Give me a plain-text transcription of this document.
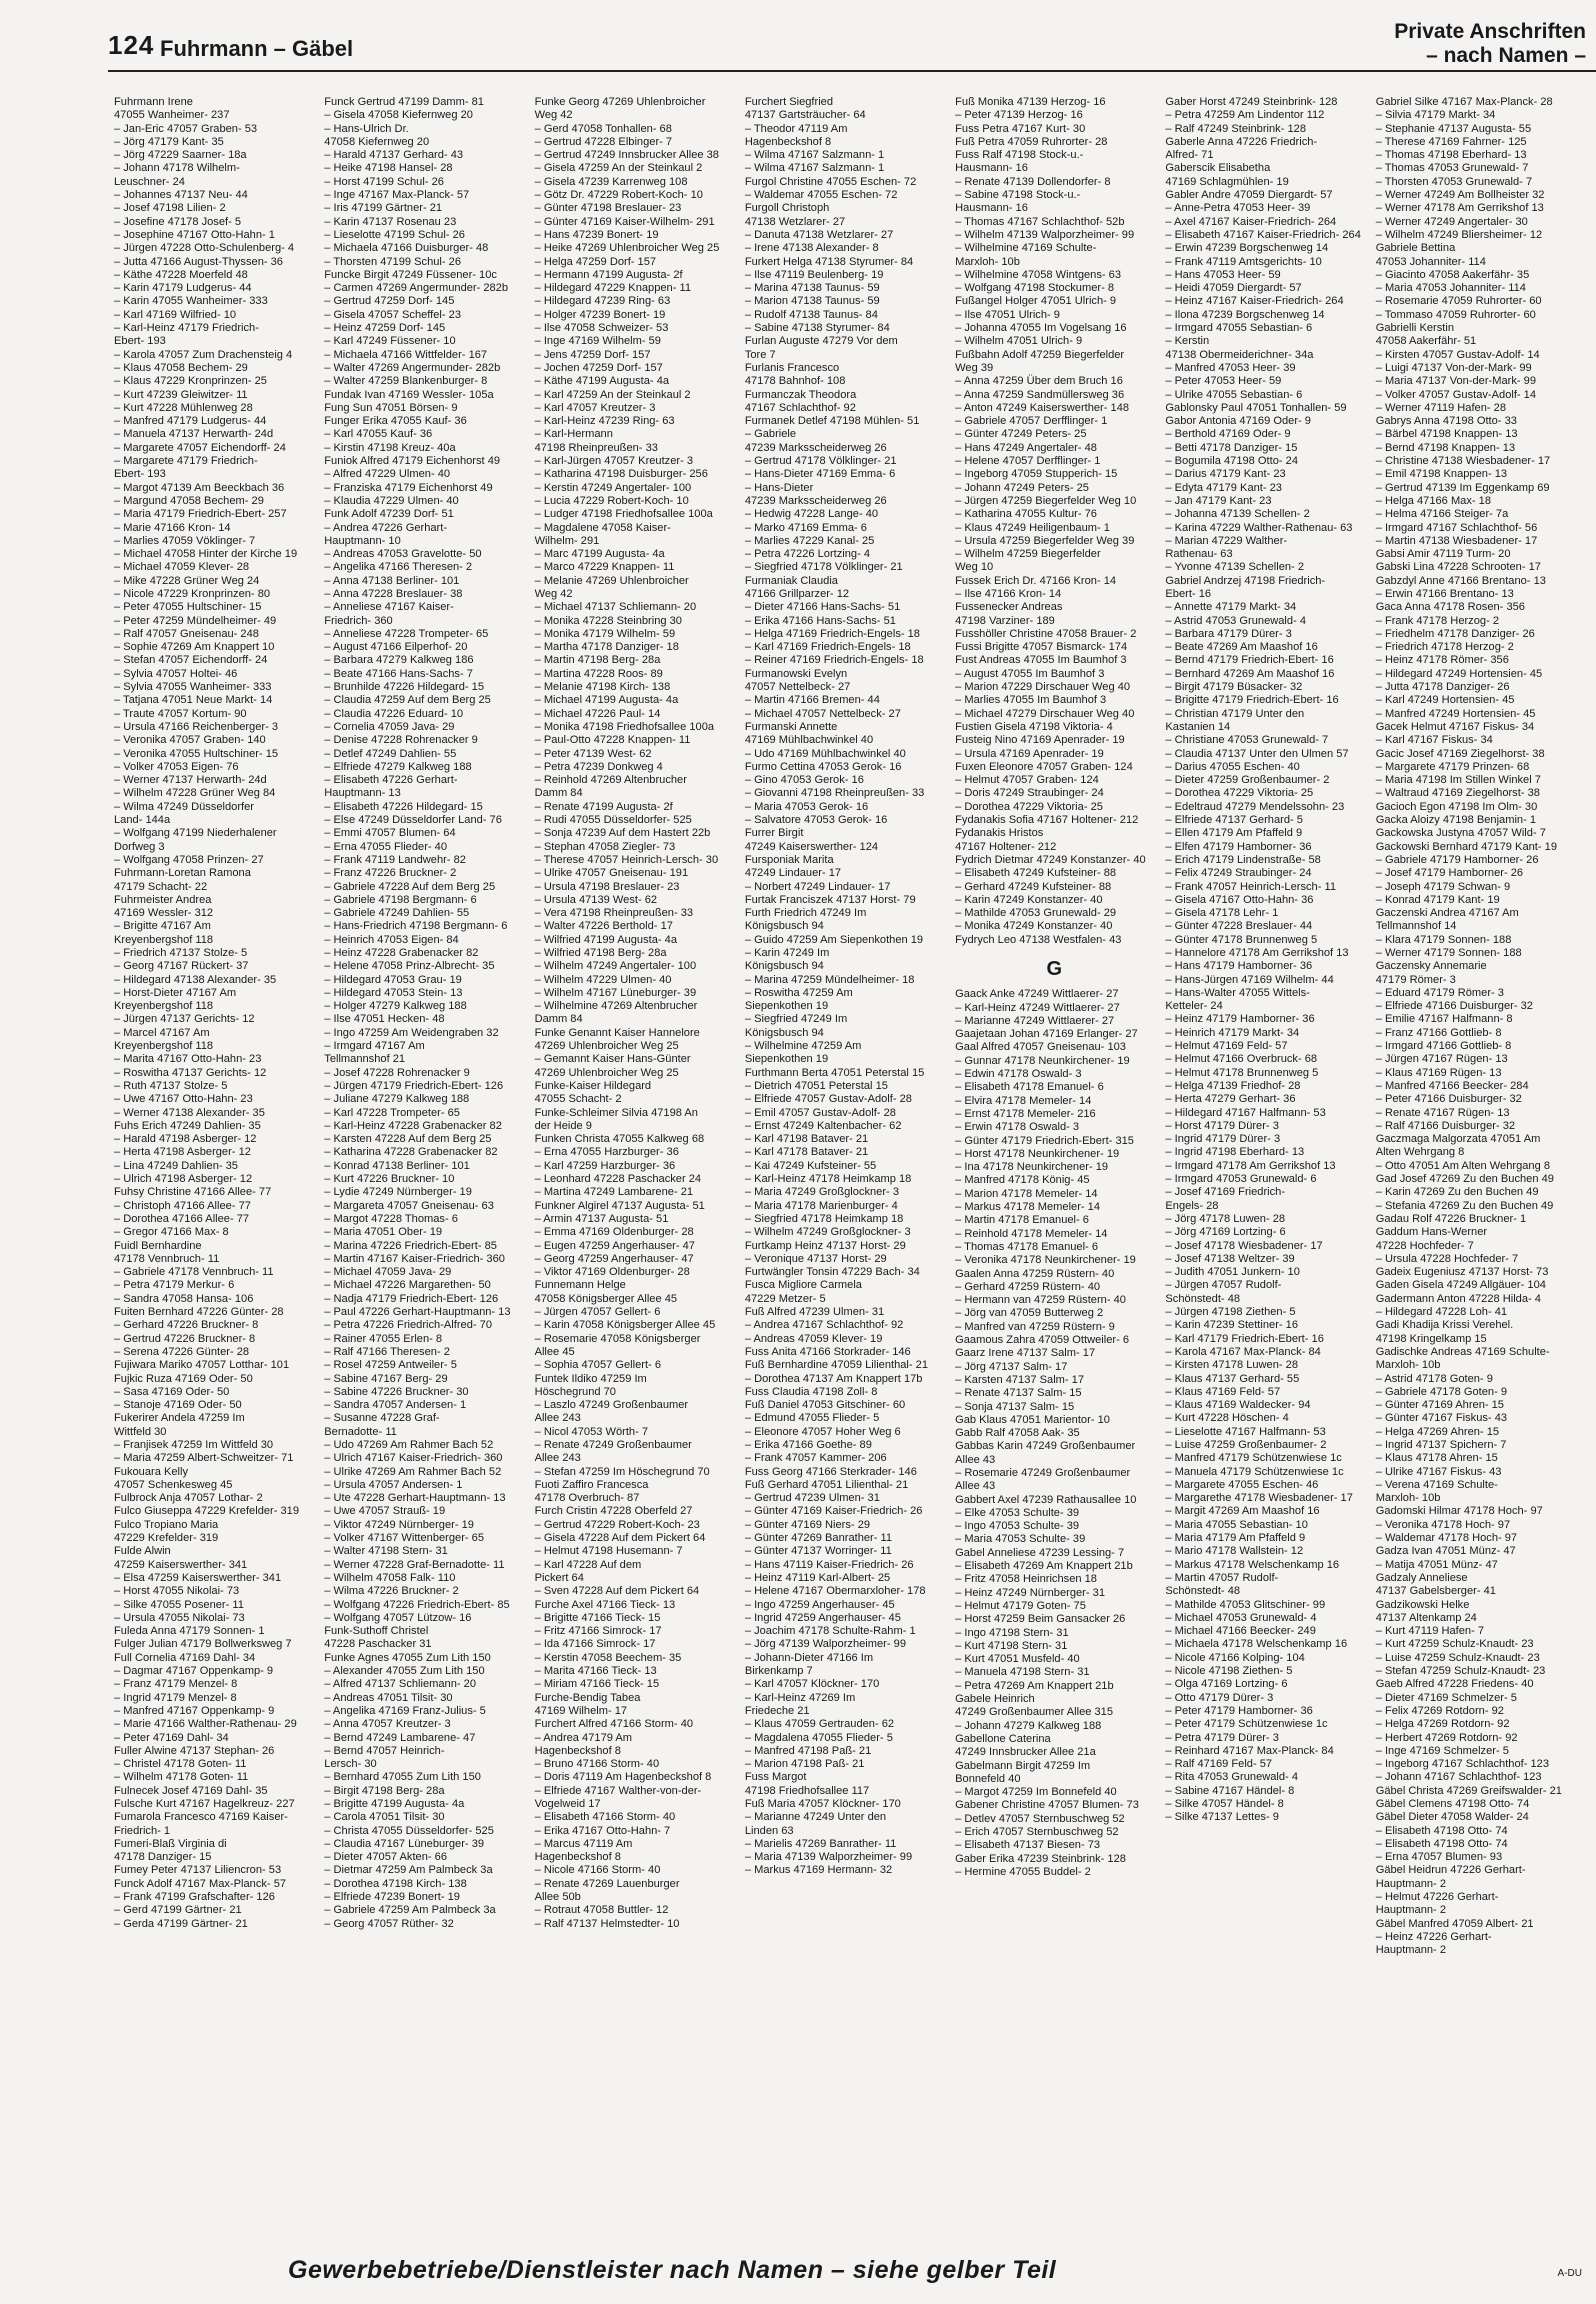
124 Fuhrmann – Gäbel
Private Anschriften
– nach Namen –
Fuhrmann Irene
47055 Wanheimer- 237
– Jan-Eric 47057 Graben- 53
– Jörg 47179 Kant- 35
– Jörg 47229 Saarner- 18a
– Johann 47178 Wilhelm-
Leuschner- 24
– Johannes 47137 Neu- 44
– Josef 47198 Lilien- 2
– Josefine 47178 Josef- 5
– Josephine 47167 Otto-Hahn- 1
– Jürgen 47228 Otto-Schulenberg- 4
– Jutta 47166 August-Thyssen- 36
– Käthe 47228 Moerfeld 48
– Karin 47179 Ludgerus- 44
– Karin 47055 Wanheimer- 333
– Karl 47169 Wilfried- 10
– Karl-Heinz 47179 Friedrich-
Ebert- 193
– Karola 47057 Zum Drachensteig 4
– Klaus 47058 Bechem- 29
– Klaus 47229 Kronprinzen- 25
– Kurt 47239 Gleiwitzer- 11
– Kurt 47228 Mühlenweg 28
– Manfred 47179 Ludgerus- 44
– Manuela 47137 Herwarth- 24d
– Margarete 47057 Eichendorff- 24
– Margarete 47179 Friedrich-
Ebert- 193
– Margot 47139 Am Beeckbach 36
– Margund 47058 Bechem- 29
– Maria 47179 Friedrich-Ebert- 257
– Marie 47166 Kron- 14
– Marlies 47059 Vöklinger- 7
– Michael 47058 Hinter der Kirche 19
– Michael 47059 Klever- 28
– Mike 47228 Grüner Weg 24
– Nicole 47229 Kronprinzen- 80
– Peter 47055 Hultschiner- 15
– Peter 47259 Mündelheimer- 49
– Ralf 47057 Gneisenau- 248
– Sophie 47269 Am Knappert 10
– Stefan 47057 Eichendorff- 24
– Sylvia 47057 Holtei- 46
– Sylvia 47055 Wanheimer- 333
– Tatjana 47051 Neue Markt- 14
– Traute 47057 Kortum- 90
– Ursula 47166 Reichenberger- 3
– Veronika 47057 Graben- 140
– Veronika 47055 Hultschiner- 15
– Volker 47053 Eigen- 76
– Werner 47137 Herwarth- 24d
– Wilhelm 47228 Grüner Weg 84
– Wilma 47249 Düsseldorfer
Land- 144a
– Wolfgang 47199 Niederhalener
Dorfweg 3
– Wolfgang 47058 Prinzen- 27
Fuhrmann-Loretan Ramona
47179 Schacht- 22
Fuhrmeister Andrea
47169 Wessler- 312
– Brigitte 47167 Am
Kreyenbergshof 118
– Friedrich 47137 Stolze- 5
– Georg 47167 Rückert- 37
– Hildegard 47138 Alexander- 35
– Horst-Dieter 47167 Am
Kreyenbergshof 118
– Jürgen 47137 Gerichts- 12
– Marcel 47167 Am
Kreyenbergshof 118
– Marita 47167 Otto-Hahn- 23
– Roswitha 47137 Gerichts- 12
– Ruth 47137 Stolze- 5
– Uwe 47167 Otto-Hahn- 23
– Werner 47138 Alexander- 35
Fuhs Erich 47249 Dahlien- 35
– Harald 47198 Asberger- 12
– Herta 47198 Asberger- 12
– Lina 47249 Dahlien- 35
– Ulrich 47198 Asberger- 12
Fuhsy Christine 47166 Allee- 77
– Christoph 47166 Allee- 77
– Dorothea 47166 Allee- 77
– Gregor 47166 Max- 8
Fuidl Bernhardine
47178 Vennbruch- 11
– Gabriele 47178 Vennbruch- 11
– Petra 47179 Merkur- 6
– Sandra 47058 Hansa- 106
Fuiten Bernhard 47226 Günter- 28
– Gerhard 47226 Bruckner- 8
– Gertrud 47226 Bruckner- 8
– Serena 47226 Günter- 28
Fujiwara Mariko 47057 Lotthar- 101
Fujkic Ruza 47169 Oder- 50
– Sasa 47169 Oder- 50
– Stanoje 47169 Oder- 50
Fukerirer Andela 47259 Im
Wittfeld 30
– Franjisek 47259 Im Wittfeld 30
– Maria 47259 Albert-Schweitzer- 71
Fukouara Kelly
47057 Schenkesweg 45
Fulbrock Anja 47057 Lothar- 2
Fulco Giuseppa 47229 Krefelder- 319
Fulco Tropiano Maria
47229 Krefelder- 319
Fulde Alwin
47259 Kaiserswerther- 341
– Elsa 47259 Kaiserswerther- 341
– Horst 47055 Nikolai- 73
– Silke 47055 Posener- 11
– Ursula 47055 Nikolai- 73
Fuleda Anna 47179 Sonnen- 1
Fulger Julian 47179 Bollwerksweg 7
Full Cornelia 47169 Dahl- 34
– Dagmar 47167 Oppenkamp- 9
– Franz 47179 Menzel- 8
– Ingrid 47179 Menzel- 8
– Manfred 47167 Oppenkamp- 9
– Marie 47166 Walther-Rathenau- 29
– Peter 47169 Dahl- 34
Fuller Alwine 47137 Stephan- 26
– Christel 47178 Goten- 11
– Wilhelm 47178 Goten- 11
Fulnecek Josef 47169 Dahl- 35
Fulsche Kurt 47167 Hagelkreuz- 227
Fumarola Francesco 47169 Kaiser-
Friedrich- 1
Fumeri-Blaß Virginia di
47178 Danziger- 15
Fumey Peter 47137 Liliencron- 53
Funck Adolf 47167 Max-Planck- 57
– Frank 47199 Grafschafter- 126
– Gerd 47199 Gärtner- 21
– Gerda 47199 Gärtner- 21
Funck Gertrud 47199 Damm- 81
– Gisela 47058 Kiefernweg 20
– Hans-Ulrich Dr.
47058 Kiefernweg 20
– Harald 47137 Gerhard- 43
– Heike 47198 Hansel- 28
– Horst 47199 Schul- 26
– Inge 47167 Max-Planck- 57
– Iris 47199 Gärtner- 21
– Karin 47137 Rosenau 23
– Lieselotte 47199 Schul- 26
– Michaela 47166 Duisburger- 48
– Thorsten 47199 Schul- 26
Funcke Birgit 47249 Füssener- 10c
– Carmen 47269 Angermunder- 282b
– Gertrud 47259 Dorf- 145
– Gisela 47057 Scheffel- 23
– Heinz 47259 Dorf- 145
– Karl 47249 Füssener- 10
– Michaela 47166 Wittfelder- 167
– Walter 47269 Angermunder- 282b
– Walter 47259 Blankenburger- 8
Fundak Ivan 47169 Wessler- 105a
Fung Sun 47051 Börsen- 9
Funger Erika 47055 Kauf- 36
– Karl 47055 Kauf- 36
– Kirstin 47198 Kreuz- 40a
Funiok Alfred 47179 Eichenhorst 49
– Alfred 47229 Ulmen- 40
– Franziska 47179 Eichenhorst 49
– Klaudia 47229 Ulmen- 40
Funk Adolf 47239 Dorf- 51
– Andrea 47226 Gerhart-
Hauptmann- 10
– Andreas 47053 Gravelotte- 50
– Angelika 47166 Theresen- 2
– Anna 47138 Berliner- 101
– Anna 47228 Breslauer- 38
– Anneliese 47167 Kaiser-
Friedrich- 360
– Anneliese 47228 Trompeter- 65
– August 47166 Eilperhof- 20
– Barbara 47279 Kalkweg 186
– Beate 47166 Hans-Sachs- 7
– Brunhilde 47226 Hildegard- 15
– Claudia 47259 Auf dem Berg 25
– Claudia 47226 Eduard- 10
– Cornelia 47059 Java- 29
– Denise 47228 Rohrenacker 9
– Detlef 47249 Dahlien- 55
– Elfriede 47279 Kalkweg 188
– Elisabeth 47226 Gerhart-
Hauptmann- 13
– Elisabeth 47226 Hildegard- 15
– Else 47249 Düsseldorfer Land- 76
– Emmi 47057 Blumen- 64
– Erna 47055 Flieder- 40
– Frank 47119 Landwehr- 82
– Franz 47226 Bruckner- 2
– Gabriele 47228 Auf dem Berg 25
– Gabriele 47198 Bergmann- 6
– Gabriele 47249 Dahlien- 55
– Hans-Friedrich 47198 Bergmann- 6
– Heinrich 47053 Eigen- 84
– Heinz 47228 Grabenacker 82
– Helene 47058 Prinz-Albrecht- 35
– Hildegard 47053 Grau- 19
– Hildegard 47053 Stein- 13
– Holger 47279 Kalkweg 188
– Ilse 47051 Hecken- 48
– Ingo 47259 Am Weidengraben 32
– Irmgard 47167 Am
Tellmannshof 21
– Josef 47228 Rohrenacker 9
– Jürgen 47179 Friedrich-Ebert- 126
– Juliane 47279 Kalkweg 188
– Karl 47228 Trompeter- 65
– Karl-Heinz 47228 Grabenacker 82
– Karsten 47228 Auf dem Berg 25
– Katharina 47228 Grabenacker 82
– Konrad 47138 Berliner- 101
– Kurt 47226 Bruckner- 10
– Lydie 47249 Nürnberger- 19
– Margareta 47057 Gneisenau- 63
– Margot 47228 Thomas- 6
– Maria 47051 Ober- 19
– Marina 47226 Friedrich-Ebert- 85
– Martin 47167 Kaiser-Friedrich- 360
– Michael 47059 Java- 29
– Michael 47226 Margarethen- 50
– Nadja 47179 Friedrich-Ebert- 126
– Paul 47226 Gerhart-Hauptmann- 13
– Petra 47226 Friedrich-Alfred- 70
– Rainer 47055 Erlen- 8
– Ralf 47166 Theresen- 2
– Rosel 47259 Antweiler- 5
– Sabine 47167 Berg- 29
– Sabine 47226 Bruckner- 30
– Sandra 47057 Andersen- 1
– Susanne 47228 Graf-
Bernadotte- 11
– Udo 47269 Am Rahmer Bach 52
– Ulrich 47167 Kaiser-Friedrich- 360
– Ulrike 47269 Am Rahmer Bach 52
– Ursula 47057 Andersen- 1
– Ute 47228 Gerhart-Hauptmann- 13
– Uwe 47057 Strauß- 19
– Viktor 47249 Nürnberger- 19
– Volker 47167 Wittenberger- 65
– Walter 47198 Stern- 31
– Werner 47228 Graf-Bernadotte- 11
– Wilhelm 47058 Falk- 110
– Wilma 47226 Bruckner- 2
– Wolfgang 47226 Friedrich-Ebert- 85
– Wolfgang 47057 Lützow- 16
Funk-Suthoff Christel
47228 Paschacker 31
Funke Agnes 47055 Zum Lith 150
– Alexander 47055 Zum Lith 150
– Alfred 47137 Schliemann- 20
– Andreas 47051 Tilsit- 30
– Angelika 47169 Franz-Julius- 5
– Anna 47057 Kreutzer- 3
– Bernd 47249 Lambarene- 47
– Bernd 47057 Heinrich-
Lersch- 30
– Bernhard 47055 Zum Lith 150
– Birgit 47198 Berg- 28a
– Brigitte 47199 Augusta- 4a
– Carola 47051 Tilsit- 30
– Christa 47055 Düsseldorfer- 525
– Claudia 47167 Lüneburger- 39
– Dieter 47057 Akten- 66
– Dietmar 47259 Am Palmbeck 3a
– Dorothea 47198 Kirch- 138
– Elfriede 47239 Bonert- 19
– Gabriele 47259 Am Palmbeck 3a
– Georg 47057 Rüther- 32
Funke Georg 47269 Uhlenbroicher
Weg 42
– Gerd 47058 Tonhallen- 68
– Gertrud 47228 Elbinger- 7
– Gertrud 47249 Innsbrucker Allee 38
– Gisela 47259 An der Steinkaul 2
– Gisela 47239 Karrenweg 108
– Götz Dr. 47229 Robert-Koch- 10
– Günter 47198 Breslauer- 23
– Günter 47169 Kaiser-Wilhelm- 291
– Hans 47239 Bonert- 19
– Heike 47269 Uhlenbroicher Weg 25
– Helga 47259 Dorf- 157
– Hermann 47199 Augusta- 2f
– Hildegard 47229 Knappen- 11
– Hildegard 47239 Ring- 63
– Holger 47239 Bonert- 19
– Ilse 47058 Schweizer- 53
– Inge 47169 Wilhelm- 59
– Jens 47259 Dorf- 157
– Jochen 47259 Dorf- 157
– Käthe 47199 Augusta- 4a
– Karl 47259 An der Steinkaul 2
– Karl 47057 Kreutzer- 3
– Karl-Heinz 47239 Ring- 63
– Karl-Hermann
47198 Rheinpreußen- 33
– Karl-Jürgen 47057 Kreutzer- 3
– Katharina 47198 Duisburger- 256
– Kerstin 47249 Angertaler- 100
– Lucia 47229 Robert-Koch- 10
– Ludger 47198 Friedhofsallee 100a
– Magdalene 47058 Kaiser-
Wilhelm- 291
– Marc 47199 Augusta- 4a
– Marco 47229 Knappen- 11
– Melanie 47269 Uhlenbroicher
Weg 42
– Michael 47137 Schliemann- 20
– Monika 47228 Steinbring 30
– Monika 47179 Wilhelm- 59
– Martha 47178 Danziger- 18
– Martin 47198 Berg- 28a
– Martina 47228 Roos- 89
– Melanie 47198 Kirch- 138
– Michael 47199 Augusta- 4a
– Michael 47226 Paul- 14
– Monika 47198 Friedhofsallee 100a
– Paul-Otto 47228 Knappen- 11
– Peter 47139 West- 62
– Petra 47239 Donkweg 4
– Reinhold 47269 Altenbrucher
Damm 84
– Renate 47199 Augusta- 2f
– Rudi 47055 Düsseldorfer- 525
– Sonja 47239 Auf dem Hastert 22b
– Stephan 47058 Ziegler- 73
– Therese 47057 Heinrich-Lersch- 30
– Ulrike 47057 Gneisenau- 191
– Ursula 47198 Breslauer- 23
– Ursula 47139 West- 62
– Vera 47198 Rheinpreußen- 33
– Walter 47226 Berthold- 17
– Wilfried 47199 Augusta- 4a
– Wilfried 47198 Berg- 28a
– Wilhelm 47249 Angertaler- 100
– Wilhelm 47229 Ulmen- 40
– Wilhelm 47167 Lüneburger- 39
– Wilhelmine 47269 Altenbrucher
Damm 84
Funke Genannt Kaiser Hannelore
47269 Uhlenbroicher Weg 25
– Gemannt Kaiser Hans-Günter
47269 Uhlenbroicher Weg 25
Funke-Kaiser Hildegard
47055 Schacht- 2
Funke-Schleimer Silvia 47198 An
der Heide 9
Funken Christa 47055 Kalkweg 68
– Erna 47055 Harzburger- 36
– Karl 47259 Harzburger- 36
– Leonhard 47228 Paschacker 24
– Martina 47249 Lambarene- 21
Funkner Algirel 47137 Augusta- 51
– Armin 47137 Augusta- 51
– Emma 47169 Oldenburger- 28
– Eugen 47259 Angerhauser- 47
– Georg 47259 Angerhauser- 47
– Viktor 47169 Oldenburger- 28
Funnemann Helge
47058 Königsberger Allee 45
– Jürgen 47057 Gellert- 6
– Karin 47058 Königsberger Allee 45
– Rosemarie 47058 Königsberger
Allee 45
– Sophia 47057 Gellert- 6
Funtek Ildiko 47259 Im
Höschegrund 70
– Laszlo 47249 Großenbaumer
Allee 243
– Nicol 47053 Wörth- 7
– Renate 47249 Großenbaumer
Allee 243
– Stefan 47259 Im Höschegrund 70
Fuoti Zaffiro Francesca
47178 Overbruch- 87
Furch Cristin 47228 Oberfeld 27
– Gertrud 47229 Robert-Koch- 23
– Gisela 47228 Auf dem Pickert 64
– Helmut 47198 Husemann- 7
– Karl 47228 Auf dem
Pickert 64
– Sven 47228 Auf dem Pickert 64
Furche Axel 47166 Tieck- 13
– Brigitte 47166 Tieck- 15
– Fritz 47166 Simrock- 17
– Ida 47166 Simrock- 17
– Kerstin 47058 Beechem- 35
– Marita 47166 Tieck- 13
– Miriam 47166 Tieck- 15
Furche-Bendig Tabea
47169 Wilhelm- 17
Furchert Alfred 47166 Storm- 40
– Andrea 47179 Am
Hagenbeckshof 8
– Bruno 47166 Storm- 40
– Doris 47119 Am Hagenbeckshof 8
– Elfriede 47167 Walther-von-der-
Vogelweid 17
– Elisabeth 47166 Storm- 40
– Erika 47167 Otto-Hahn- 7
– Marcus 47119 Am
Hagenbeckshof 8
– Nicole 47166 Storm- 40
– Renate 47269 Lauenburger
Allee 50b
– Rotraut 47058 Buttler- 12
– Ralf 47137 Helmstedter- 10
Furchert Siegfried
47137 Gartsträucher- 64
– Theodor 47119 Am
Hagenbeckshof 8
– Wilma 47167 Salzmann- 1
– Wilma 47167 Salzmann- 1
Furgol Christine 47055 Eschen- 72
– Waldemar 47055 Eschen- 72
Furgoll Christoph
47138 Wetzlarer- 27
– Danuta 47138 Wetzlarer- 27
– Irene 47138 Alexander- 8
Furkert Helga 47138 Styrumer- 84
– Ilse 47119 Beulenberg- 19
– Marina 47138 Taunus- 59
– Marion 47138 Taunus- 59
– Rudolf 47138 Taunus- 84
– Sabine 47138 Styrumer- 84
Furlan Auguste 47279 Vor dem
Tore 7
Furlanis Francesco
47178 Bahnhof- 108
Furmanczak Theodora
47167 Schlachthof- 92
Furmanek Detlef 47198 Mühlen- 51
– Gabriele
47239 Marksscheiderweg 26
– Gertrud 47178 Völklinger- 21
– Hans-Dieter 47169 Emma- 6
– Hans-Dieter
47239 Marksscheiderweg 26
– Hedwig 47228 Lange- 40
– Marko 47169 Emma- 6
– Marlies 47229 Kanal- 25
– Petra 47226 Lortzing- 4
– Siegfried 47178 Völklinger- 21
Furmaniak Claudia
47166 Grillparzer- 12
– Dieter 47166 Hans-Sachs- 51
– Erika 47166 Hans-Sachs- 51
– Helga 47169 Friedrich-Engels- 18
– Karl 47169 Friedrich-Engels- 18
– Reiner 47169 Friedrich-Engels- 18
Furmanowski Evelyn
47057 Nettelbeck- 27
– Martin 47166 Bremen- 44
– Michael 47057 Nettelbeck- 27
Furmanski Annette
47169 Mühlbachwinkel 40
– Udo 47169 Mühlbachwinkel 40
Furmo Cettina 47053 Gerok- 16
– Gino 47053 Gerok- 16
– Giovanni 47198 Rheinpreußen- 33
– Maria 47053 Gerok- 16
– Salvatore 47053 Gerok- 16
Furrer Birgit
47249 Kaiserswerther- 124
Fursponiak Marita
47249 Lindauer- 17
– Norbert 47249 Lindauer- 17
Furtak Franciszek 47137 Horst- 79
Furth Friedrich 47249 Im
Königsbusch 94
– Guido 47259 Am Siepenkothen 19
– Karin 47249 Im
Königsbusch 94
– Marina 47259 Mündelheimer- 18
– Roswitha 47259 Am
Siepenkothen 19
– Siegfried 47249 Im
Königsbusch 94
– Wilhelmine 47259 Am
Siepenkothen 19
Furthmann Berta 47051 Peterstal 15
– Dietrich 47051 Peterstal 15
– Elfriede 47057 Gustav-Adolf- 28
– Emil 47057 Gustav-Adolf- 28
– Ernst 47249 Kaltenbacher- 62
– Karl 47198 Bataver- 21
– Karl 47178 Bataver- 21
– Kai 47249 Kufsteiner- 55
– Karl-Heinz 47178 Heimkamp 18
– Maria 47249 Großglockner- 3
– Maria 47178 Marienburger- 4
– Siegfried 47178 Heimkamp 18
– Wilhelm 47249 Großglockner- 3
Furtkamp Heinz 47137 Horst- 29
– Veronique 47137 Horst- 29
Furtwängler Tonsin 47229 Bach- 34
Fusca Migliore Carmela
47229 Metzer- 5
Fuß Alfred 47239 Ulmen- 31
– Andrea 47167 Schlachthof- 92
– Andreas 47059 Klever- 19
Fuss Anita 47166 Storkrader- 146
Fuß Bernhardine 47059 Lilienthal- 21
– Dorothea 47137 Am Knappert 17b
Fuss Claudia 47198 Zoll- 8
Fuß Daniel 47053 Gitschiner- 60
– Edmund 47055 Flieder- 5
– Eleonore 47057 Hoher Weg 6
– Erika 47166 Goethe- 89
– Frank 47057 Kammer- 206
Fuss Georg 47166 Sterkrader- 146
Fuß Gerhard 47051 Lilienthal- 21
– Gertrud 47239 Ulmen- 31
– Günter 47169 Kaiser-Friedrich- 26
– Günter 47169 Niers- 29
– Günter 47269 Banrather- 11
– Günter 47137 Worringer- 11
– Hans 47119 Kaiser-Friedrich- 26
– Heinz 47119 Karl-Albert- 25
– Helene 47167 Obermarxloher- 178
– Ingo 47259 Angerhauser- 45
– Ingrid 47259 Angerhauser- 45
– Joachim 47178 Schulte-Rahm- 1
– Jörg 47139 Walporzheimer- 99
– Johann-Dieter 47166 Im
Birkenkamp 7
– Karl 47057 Klöckner- 170
– Karl-Heinz 47269 Im
Friedeche 21
– Klaus 47059 Gertrauden- 62
– Magdalena 47055 Flieder- 5
– Manfred 47198 Paß- 21
– Marion 47198 Paß- 21
Fuss Margot
47198 Friedhofsallee 117
Fuß Maria 47057 Klöckner- 170
– Marianne 47249 Unter den
Linden 63
– Marielis 47269 Banrather- 11
– Maria 47139 Walporzheimer- 99
– Markus 47169 Hermann- 32
Fuß Monika 47139 Herzog- 16
– Peter 47139 Herzog- 16
Fuss Petra 47167 Kurt- 30
Fuß Petra 47059 Ruhrorter- 28
Fuss Ralf 47198 Stock-u.-
Hausmann- 16
– Renate 47139 Dollendorfer- 8
– Sabine 47198 Stock-u.-
Hausmann- 16
– Thomas 47167 Schlachthof- 52b
– Wilhelm 47139 Walporzheimer- 99
– Wilhelmine 47169 Schulte-
Marxloh- 10b
– Wilhelmine 47058 Wintgens- 63
– Wolfgang 47198 Stockumer- 8
Fußangel Holger 47051 Ulrich- 9
– Ilse 47051 Ulrich- 9
– Johanna 47055 Im Vogelsang 16
– Wilhelm 47051 Ulrich- 9
Fußbahn Adolf 47259 Biegerfelder
Weg 39
– Anna 47259 Über dem Bruch 16
– Anna 47259 Sandmüllersweg 36
– Anton 47249 Kaiserswerther- 148
– Gabriele 47057 Derfflinger- 1
– Günter 47249 Peters- 25
– Hans 47249 Angertaler- 48
– Helene 47057 Derfflinger- 1
– Ingeborg 47059 Stupperich- 15
– Johann 47249 Peters- 25
– Jürgen 47259 Biegerfelder Weg 10
– Katharina 47055 Kultur- 76
– Klaus 47249 Heiligenbaum- 1
– Ursula 47259 Biegerfelder Weg 39
– Wilhelm 47259 Biegerfelder
Weg 10
Fussek Erich Dr. 47166 Kron- 14
– Ilse 47166 Kron- 14
Fussenecker Andreas
47198 Varziner- 189
Fusshöller Christine 47058 Brauer- 2
Fussi Brigitte 47057 Bismarck- 174
Fust Andreas 47055 Im Baumhof 3
– August 47055 Im Baumhof 3
– Marion 47229 Dirschauer Weg 40
– Marlies 47055 Im Baumhof 3
– Michael 47279 Dirschauer Weg 40
Fustien Gisela 47198 Viktoria- 4
Fusteig Nino 47169 Apenrader- 19
– Ursula 47169 Apenrader- 19
Fuxen Eleonore 47057 Graben- 124
– Helmut 47057 Graben- 124
– Doris 47249 Straubinger- 24
– Dorothea 47229 Viktoria- 25
Fydanakis Sofia 47167 Holtener- 212
Fydanakis Hristos
47167 Holtener- 212
Fydrich Dietmar 47249 Konstanzer- 40
– Elisabeth 47249 Kufsteiner- 88
– Gerhard 47249 Kufsteiner- 88
– Karin 47249 Konstanzer- 40
– Mathilde 47053 Grunewald- 29
– Monika 47249 Konstanzer- 40
Fydrych Leo 47138 Westfalen- 43
G
Gaack Anke 47249 Wittlaerer- 27
– Karl-Heinz 47249 Wittlaerer- 27
– Marianne 47249 Wittlaerer- 27
Gaajetaan Johan 47169 Erlanger- 27
Gaal Alfred 47057 Gneisenau- 103
– Gunnar 47178 Neunkirchener- 19
– Edwin 47178 Oswald- 3
– Elisabeth 47178 Emanuel- 6
– Elvira 47178 Memeler- 14
– Ernst 47178 Memeler- 216
– Erwin 47178 Oswald- 3
– Günter 47179 Friedrich-Ebert- 315
– Horst 47178 Neunkirchener- 19
– Ina 47178 Neunkirchener- 19
– Manfred 47178 König- 45
– Marion 47178 Memeler- 14
– Markus 47178 Memeler- 14
– Martin 47178 Emanuel- 6
– Reinhold 47178 Memeler- 14
– Thomas 47178 Emanuel- 6
– Veronika 47178 Neunkirchener- 19
Gaalen Anna 47259 Rüstern- 40
– Gerhard 47259 Rüstern- 40
– Hermann van 47259 Rüstern- 40
– Jörg van 47059 Butterweg 2
– Manfred van 47259 Rüstern- 9
Gaamous Zahra 47059 Ottweiler- 6
Gaarz Irene 47137 Salm- 17
– Jörg 47137 Salm- 17
– Karsten 47137 Salm- 17
– Renate 47137 Salm- 15
– Sonja 47137 Salm- 15
Gab Klaus 47051 Marientor- 10
Gabb Ralf 47058 Aak- 35
Gabbas Karin 47249 Großenbaumer
Allee 43
– Rosemarie 47249 Großenbaumer
Allee 43
Gabbert Axel 47239 Rathausallee 10
– Elke 47053 Schulte- 39
– Ingo 47053 Schulte- 39
– Maria 47053 Schulte- 39
Gabel Anneliese 47239 Lessing- 7
– Elisabeth 47269 Am Knappert 21b
– Fritz 47058 Heinrichsen 18
– Heinz 47249 Nürnberger- 31
– Helmut 47179 Goten- 75
– Horst 47259 Beim Gansacker 26
– Ingo 47198 Stern- 31
– Kurt 47198 Stern- 31
– Kurt 47051 Musfeld- 40
– Manuela 47198 Stern- 31
– Petra 47269 Am Knappert 21b
Gabele Heinrich
47249 Großenbaumer Allee 315
– Johann 47279 Kalkweg 188
Gabellone Caterina
47249 Innsbrucker Allee 21a
Gabelmann Birgit 47259 Im
Bonnefeld 40
– Margot 47259 Im Bonnefeld 40
Gabener Christine 47057 Blumen- 73
– Detlev 47057 Sternbuschweg 52
– Erich 47057 Sternbuschweg 52
– Elisabeth 47137 Biesen- 73
Gaber Erika 47239 Steinbrink- 128
– Hermine 47055 Buddel- 2
Gaber Horst 47249 Steinbrink- 128
– Petra 47259 Am Lindentor 112
– Ralf 47249 Steinbrink- 128
Gaberle Anna 47226 Friedrich-
Alfred- 71
Gaberscik Elisabetha
47169 Schlagmühlen- 19
Gabler Andre 47059 Diergardt- 57
– Anne-Petra 47053 Heer- 39
– Axel 47167 Kaiser-Friedrich- 264
– Elisabeth 47167 Kaiser-Friedrich- 264
– Erwin 47239 Borgschenweg 14
– Frank 47119 Amtsgerichts- 10
– Hans 47053 Heer- 59
– Heidi 47059 Diergardt- 57
– Heinz 47167 Kaiser-Friedrich- 264
– Ilona 47239 Borgschenweg 14
– Irmgard 47055 Sebastian- 6
– Kerstin
47138 Obermeiderichner- 34a
– Manfred 47053 Heer- 39
– Peter 47053 Heer- 59
– Ulrike 47055 Sebastian- 6
Gablonsky Paul 47051 Tonhallen- 59
Gabor Antonia 47169 Oder- 9
– Berthold 47169 Oder- 9
– Betti 47178 Danziger- 15
– Bogumila 47198 Otto- 24
– Darius 47179 Kant- 23
– Edyta 47179 Kant- 23
– Jan 47179 Kant- 23
– Johanna 47139 Schellen- 2
– Karina 47229 Walther-Rathenau- 63
– Marian 47229 Walther-
Rathenau- 63
– Yvonne 47139 Schellen- 2
Gabriel Andrzej 47198 Friedrich-
Ebert- 16
– Annette 47179 Markt- 34
– Astrid 47053 Grunewald- 4
– Barbara 47179 Dürer- 3
– Beate 47269 Am Maashof 16
– Bernd 47179 Friedrich-Ebert- 16
– Bernhard 47269 Am Maashof 16
– Birgit 47179 Büsacker- 32
– Brigitte 47179 Friedrich-Ebert- 16
– Christian 47179 Unter den
Kastanien 14
– Christiane 47053 Grunewald- 7
– Claudia 47137 Unter den Ulmen 57
– Darius 47055 Eschen- 40
– Dieter 47259 Großenbaumer- 2
– Dorothea 47229 Viktoria- 25
– Edeltraud 47279 Mendelssohn- 23
– Elfriede 47137 Gerhard- 5
– Ellen 47179 Am Pfaffeld 9
– Elfen 47179 Hamborner- 36
– Erich 47179 Lindenstraße- 58
– Felix 47249 Straubinger- 24
– Frank 47057 Heinrich-Lersch- 11
– Gisela 47167 Otto-Hahn- 36
– Gisela 47178 Lehr- 1
– Günter 47228 Breslauer- 44
– Günter 47178 Brunnenweg 5
– Hannelore 47178 Am Gerrikshof 13
– Hans 47179 Hamborner- 36
– Hans-Jürgen 47169 Wilhelm- 44
– Hans-Walter 47055 Wittels-
Ketteler- 24
– Heinz 47179 Hamborner- 36
– Heinrich 47179 Markt- 34
– Helmut 47169 Feld- 57
– Helmut 47166 Overbruck- 68
– Helmut 47178 Brunnenweg 5
– Helga 47139 Friedhof- 28
– Herta 47279 Gerhart- 36
– Hildegard 47167 Halfmann- 53
– Horst 47179 Dürer- 3
– Ingrid 47179 Dürer- 3
– Ingrid 47198 Eberhard- 13
– Irmgard 47178 Am Gerrikshof 13
– Irmgard 47053 Grunewald- 6
– Josef 47169 Friedrich-
Engels- 28
– Jörg 47178 Luwen- 28
– Jörg 47169 Lortzing- 6
– Josef 47178 Wiesbadener- 17
– Josef 47138 Weltzer- 39
– Judith 47051 Junkern- 10
– Jürgen 47057 Rudolf-
Schönstedt- 48
– Jürgen 47198 Ziethen- 5
– Karin 47239 Stettiner- 16
– Karl 47179 Friedrich-Ebert- 16
– Karola 47167 Max-Planck- 84
– Kirsten 47178 Luwen- 28
– Klaus 47137 Gerhard- 55
– Klaus 47169 Feld- 57
– Klaus 47169 Waldecker- 94
– Kurt 47228 Höschen- 4
– Lieselotte 47167 Halfmann- 53
– Luise 47259 Großenbaumer- 2
– Manfred 47179 Schützenwiese 1c
– Manuela 47179 Schützenwiese 1c
– Margarete 47055 Eschen- 46
– Margarethe 47178 Wiesbadener- 17
– Margit 47269 Am Maashof 16
– Maria 47055 Sebastian- 10
– Maria 47179 Am Pfaffeld 9
– Mario 47178 Wallstein- 12
– Markus 47178 Welschenkamp 16
– Martin 47057 Rudolf-
Schönstedt- 48
– Mathilde 47053 Glitschiner- 99
– Michael 47053 Grunewald- 4
– Michael 47166 Beecker- 249
– Michaela 47178 Welschenkamp 16
– Nicole 47166 Kolping- 104
– Nicole 47198 Ziethen- 5
– Olga 47169 Lortzing- 6
– Otto 47179 Dürer- 3
– Peter 47179 Hamborner- 36
– Peter 47179 Schützenwiese 1c
– Petra 47179 Dürer- 3
– Reinhard 47167 Max-Planck- 84
– Ralf 47169 Feld- 57
– Rita 47053 Grunewald- 4
– Sabine 47167 Händel- 8
– Silke 47057 Händel- 8
– Silke 47137 Lettes- 9
Gabriel Silke 47167 Max-Planck- 28
– Silvia 47179 Markt- 34
– Stephanie 47137 Augusta- 55
– Therese 47169 Fahrner- 125
– Thomas 47198 Eberhard- 13
– Thomas 47053 Grunewald- 7
– Thorsten 47053 Grunewald- 7
– Werner 47249 Am Bollheister 32
– Werner 47178 Am Gerrikshof 13
– Werner 47249 Angertaler- 30
– Wilhelm 47249 Bliersheimer- 12
Gabriele Bettina
47053 Johanniter- 114
– Giacinto 47058 Aakerfähr- 35
– Maria 47053 Johanniter- 114
– Rosemarie 47059 Ruhrorter- 60
– Tommaso 47059 Ruhrorter- 60
Gabrielli Kerstin
47058 Aakerfähr- 51
– Kirsten 47057 Gustav-Adolf- 14
– Luigi 47137 Von-der-Mark- 99
– Maria 47137 Von-der-Mark- 99
– Volker 47057 Gustav-Adolf- 14
– Werner 47119 Hafen- 28
Gabrys Anna 47198 Otto- 33
– Bärbel 47198 Knappen- 13
– Bernd 47198 Knappen- 13
– Christine 47138 Wiesbadener- 17
– Emil 47198 Knappen- 13
– Gertrud 47139 Im Eggenkamp 69
– Helga 47166 Max- 18
– Helma 47166 Steiger- 7a
– Irmgard 47167 Schlachthof- 56
– Martin 47138 Wiesbadener- 17
Gabsi Amir 47119 Turm- 20
Gabski Lina 47228 Schrooten- 17
Gabzdyl Anne 47166 Brentano- 13
– Erwin 47166 Brentano- 13
Gaca Anna 47178 Rosen- 356
– Frank 47178 Herzog- 2
– Friedhelm 47178 Danziger- 26
– Friedrich 47178 Herzog- 2
– Heinz 47178 Römer- 356
– Hildegard 47249 Hortensien- 45
– Jutta 47178 Danziger- 26
– Karl 47249 Hortensien- 45
– Manfred 47249 Hortensien- 45
Gacek Helmut 47167 Fiskus- 34
– Karl 47167 Fiskus- 34
Gacic Josef 47169 Ziegelhorst- 38
– Margarete 47179 Prinzen- 68
– Maria 47198 Im Stillen Winkel 7
– Waltraud 47169 Ziegelhorst- 38
Gacioch Egon 47198 Im Olm- 30
Gacka Aloizy 47198 Benjamin- 1
Gackowska Justyna 47057 Wild- 7
Gackowski Bernhard 47179 Kant- 19
– Gabriele 47179 Hamborner- 26
– Josef 47179 Hamborner- 26
– Joseph 47179 Schwan- 9
– Konrad 47179 Kant- 19
Gaczenski Andrea 47167 Am
Tellmannshof 14
– Klara 47179 Sonnen- 188
– Werner 47179 Sonnen- 188
Gaczensky Annemarie
47179 Römer- 3
– Eduard 47179 Römer- 3
– Elfriede 47166 Duisburger- 32
– Emilie 47167 Halfmann- 8
– Franz 47166 Gottlieb- 8
– Irmgard 47166 Gottlieb- 8
– Jürgen 47167 Rügen- 13
– Klaus 47169 Rügen- 13
– Manfred 47166 Beecker- 284
– Peter 47166 Duisburger- 32
– Renate 47167 Rügen- 13
– Ralf 47166 Duisburger- 32
Gaczmaga Malgorzata 47051 Am
Alten Wehrgang 8
– Otto 47051 Am Alten Wehrgang 8
Gad Josef 47269 Zu den Buchen 49
– Karin 47269 Zu den Buchen 49
– Stefania 47269 Zu den Buchen 49
Gadau Rolf 47226 Bruckner- 1
Gaddum Hans-Werner
47228 Hochfeder- 7
– Ursula 47228 Hochfeder- 7
Gadeix Eugeniusz 47137 Horst- 73
Gaden Gisela 47249 Allgäuer- 104
Gadermann Anton 47228 Hilda- 4
– Hildegard 47228 Loh- 41
Gadi Khadija Krissi Verehel.
47198 Kringelkamp 15
Gadischke Andreas 47169 Schulte-
Marxloh- 10b
– Astrid 47178 Goten- 9
– Gabriele 47178 Goten- 9
– Günter 47169 Ahren- 15
– Günter 47167 Fiskus- 43
– Helga 47269 Ahren- 15
– Ingrid 47137 Spichern- 7
– Klaus 47178 Ahren- 15
– Ulrike 47167 Fiskus- 43
– Verena 47169 Schulte-
Marxloh- 10b
Gadomski Hilmar 47178 Hoch- 97
– Veronika 47178 Hoch- 97
– Waldemar 47178 Hoch- 97
Gadza Ivan 47051 Münz- 47
– Matija 47051 Münz- 47
Gadzaly Anneliese
47137 Gabelsberger- 41
Gadzikowski Helke
47137 Altenkamp 24
– Kurt 47119 Hafen- 7
– Kurt 47259 Schulz-Knaudt- 23
– Luise 47259 Schulz-Knaudt- 23
– Stefan 47259 Schulz-Knaudt- 23
Gaeb Alfred 47228 Friedens- 40
– Dieter 47169 Schmelzer- 5
– Felix 47269 Rotdorn- 92
– Helga 47269 Rotdorn- 92
– Herbert 47269 Rotdorn- 92
– Inge 47169 Schmelzer- 5
– Ingeborg 47167 Schlachthof- 123
– Johann 47167 Schlachthof- 123
Gäbel Christa 47269 Greifswalder- 21
Gäbel Clemens 47198 Otto- 74
Gäbel Dieter 47058 Walder- 24
– Elisabeth 47198 Otto- 74
– Elisabeth 47198 Otto- 74
– Erna 47057 Blumen- 93
Gäbel Heidrun 47226 Gerhart-
Hauptmann- 2
– Helmut 47226 Gerhart-
Hauptmann- 2
Gäbel Manfred 47059 Albert- 21
– Heinz 47226 Gerhart-
Hauptmann- 2
Gewerbebetriebe/Dienstleister nach Namen – siehe gelber Teil	A-DU
